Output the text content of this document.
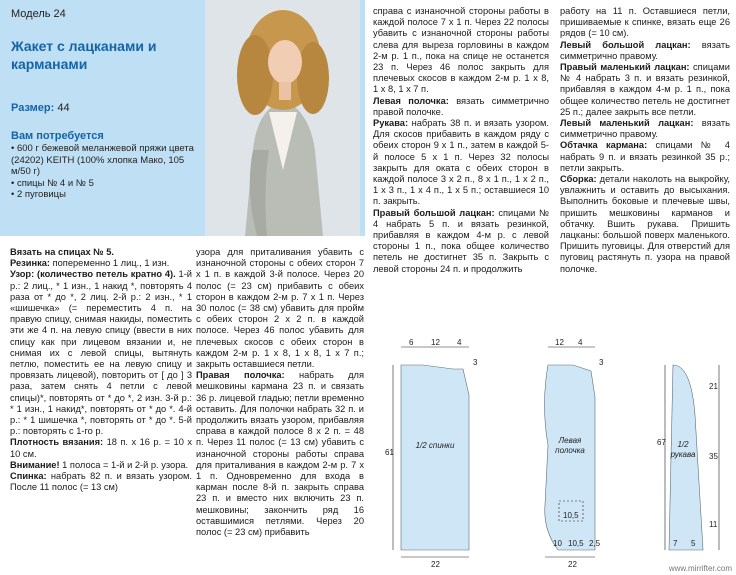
Модель 24
Жакет с лацканами и карманами
Размер: 44
Вам потребуется
• 600 г бежевой меланжевой пряжи цвета (24202) KEITH (100% хлопка Мако, 105 м/50 г)
• спицы № 4 и № 5
• 2 пуговицы

Вязать на спицах № 5.

Резинка: попеременно 1 лиц., 1 изн.

Узор: (количество петель кратно 4). 1-й р.: 2 лиц., * 1 изн., 1 накид *, повторять 4 раза от * до *, 2 лиц. 2-й р.: 2 изн., * 1 «шишечка» (= переместить 4 п. на правую спицу, снимая накиды, поместить эти же 4 п. на левую спицу (ввести в них спицу как при лицевом вязании и, не снимая их с левой спицы, вытянуть петлю, поместить ее на левую спицу и провязать лицевой), повторить от [ до ] 3 раза, затем снять 4 петли с левой спицы)*, повторять от * до *, 2 изн. 3-й р.: * 1 изн., 1 накид*, повторять от * до *. 4-й р.: * 1 шишечка *, повторять от * до *. 5-й р.: повторять с 1-го р.

Плотность вязания: 18 п. х 16 р. = 10 х 10 см.

Внимание! 1 полоса = 1-й и 2-й р. узора.

Спинка: набрать 82 п. и вязать узором. После 11 полос (= 13 см)

узора для приталивания убавить с изнаночной стороны с обеих сторон 7 х 1 п. в каждой 3-й полосе. Через 20 полос (= 23 см) прибавить с обеих сторон в каждом 2-м р. 7 х 1 п. Через 30 полос (= 38 см) убавить для пройм с обеих сторон 2 х 2 п. в каждой полосе. Через 46 полос убавить для плечевых скосов с обеих сторон в каждом 2-м р. 1 х 8, 1 х 8, 1 х 7 п.; закрыть оставшиеся петли.

Правая полочка: набрать для мешковины кармана 23 п. и связать 36 р. лицевой гладью; петли временно оставить. Для полочки набрать 32 п. и продолжить вязать узором, прибавляя справа в каждой полосе 8 х 2 п. = 48 п. Через 11 полос (= 13 см) убавить с изнаночной стороны работы справа для приталивания в каждом 2-м р. 7 х 1 п. Одновременно для входа в карман после 8-й п. закрыть справа 23 п. и вместо них включить 23 п. мешковины; закончить ряд 16 оставшимися петлями. Через 20 полос (= 23 см) прибавить

справа с изнаночной стороны работы в каждой полосе 7 х 1 п. Через 22 полосы убавить с изнаночной стороны работы слева для выреза горловины в каждом 2-м р. 1 п., пока на спице не останется 23 п. Через 46 полос закрыть для плечевых скосов в каждом 2-м р. 1 х 8, 1 х 8, 1 х 7 п.

Левая полочка: вязать симметрично правой полочке.

Рукава: набрать 38 п. и вязать узором. Для скосов прибавить в каждом ряду с обеих сторон 9 х 1 п., затем в каждой 5-й полосе 5 х 1 п. Через 32 полосы закрыть для оката с обеих сторон в каждой полосе 3 х 2 п., 8 х 1 п., 1 х 2 п., 1 х 3 п., 1 х 4 п., 1 х 5 п.; оставшиеся 10 п. закрыть.

Правый большой лацкан: спицами № 4 набрать 5 п. и вязать резинкой, прибавляя в каждом 4-м р. с левой стороны 1 п., пока общее количество петель не достигнет 35 п. Закрыть с левой стороны 24 п. и продолжить

работу на 11 п. Оставшиеся петли, пришиваемые к спинке, вязать еще 26 рядов (= 10 см).

Левый большой лацкан: вязать симметрично правому.

Правый маленький лацкан: спицами № 4 набрать 3 п. и вязать резинкой, прибавляя в каждом 4-м р. 1 п., пока общее количество петель не достигнет 25 п.; далее закрыть все петли.

Левый маленький лацкан: вязать симметрично правому.

Обтачка кармана: спицами № 4 набрать 9 п. и вязать резинкой 35 р.; петли закрыть.

Сборка: детали наколоть на выкройку, увлажнить и оставить до высыхания. Выполнить боковые и плечевые швы, пришить мешковины карманов и обтачку. Вшить рукава. Пришить лацканы: большой поверх маленького. Пришить пуговицы. Для отверстий для пуговиц растянуть п. узора на правой полочке.

1/2 спинки
6 12 4
3
61
22
Левая
полочка
12 4
3
10,5
2,5
10 10,5
22
1/2
рукава
21
35
11
67
7 5
www.mirrifter.com
